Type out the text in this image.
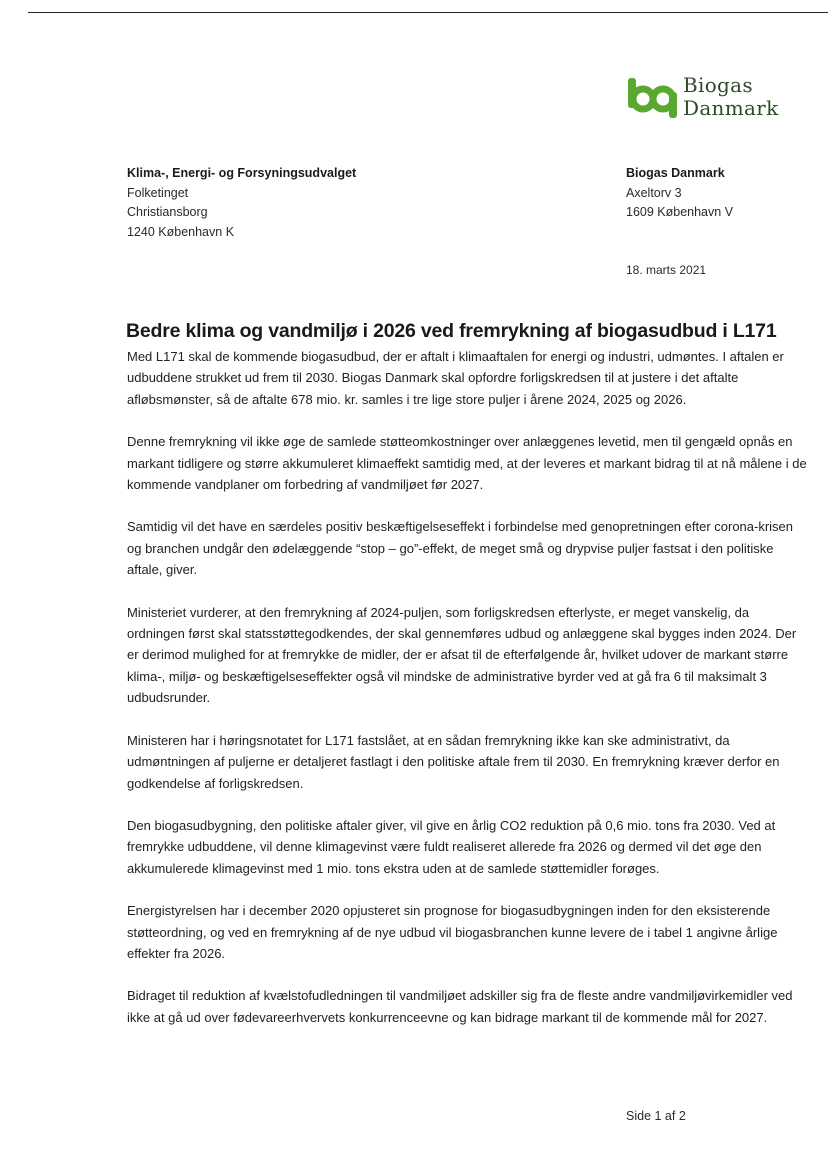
Biogas
Danmark
Klima-, Energi- og Forsyningsudvalget
Folketinget
Christiansborg
1240 København K
Biogas Danmark
Axeltorv 3
1609 København V
18. marts 2021
Bedre klima og vandmiljø i 2026 ved fremrykning af biogasudbud i L171

Med L171 skal de kommende biogasudbud, der er aftalt i klimaaftalen for energi og industri, udmøntes. I aftalen er udbuddene strukket ud frem til 2030. Biogas Danmark skal opfordre forligskredsen til at justere i det aftalte afløbsmønster, så de aftalte 678 mio. kr. samles i tre lige store puljer i årene 2024, 2025 og 2026.

Denne fremrykning vil ikke øge de samlede støtteomkostninger over anlæggenes levetid, men til gengæld opnås en markant tidligere og større akkumuleret klimaeffekt samtidig med, at der leveres et markant bidrag til at nå målene i de kommende vandplaner om forbedring af vandmiljøet før 2027.

Samtidig vil det have en særdeles positiv beskæftigelseseffekt i forbindelse med genopretningen efter corona-krisen og branchen undgår den ødelæggende “stop – go”-effekt, de meget små og drypvise puljer fastsat i den politiske aftale, giver.

Ministeriet vurderer, at den fremrykning af 2024-puljen, som forligskredsen efterlyste, er meget vanskelig, da ordningen først skal statsstøttegodkendes, der skal gennemføres udbud og anlæggene skal bygges inden 2024. Der er derimod mulighed for at fremrykke de midler, der er afsat til de efterfølgende år, hvilket udover de markant større klima-, miljø- og beskæftigelseseffekter også vil mindske de administrative byrder ved at gå fra 6 til maksimalt 3 udbudsrunder.

Ministeren har i høringsnotatet for L171 fastslået, at en sådan fremrykning ikke kan ske administrativt, da udmøntningen af puljerne er detaljeret fastlagt i den politiske aftale frem til 2030. En fremrykning kræver derfor en godkendelse af forligskredsen.

Den biogasudbygning, den politiske aftaler giver, vil give en årlig CO2 reduktion på 0,6 mio. tons fra 2030. Ved at fremrykke udbuddene, vil denne klimagevinst være fuldt realiseret allerede fra 2026 og dermed vil det øge den akkumulerede klimagevinst med 1 mio. tons ekstra uden at de samlede støttemidler forøges.

Energistyrelsen har i december 2020 opjusteret sin prognose for biogasudbygningen inden for den eksisterende støtteordning, og ved en fremrykning af de nye udbud vil biogasbranchen kunne levere de i tabel 1 angivne årlige effekter fra 2026.

Bidraget til reduktion af kvælstofudledningen til vandmiljøet adskiller sig fra de fleste andre vandmiljøvirkemidler ved ikke at gå ud over fødevareerhvervets konkurrenceevne og kan bidrage markant til de kommende mål for 2027.

Side 1 af 2
